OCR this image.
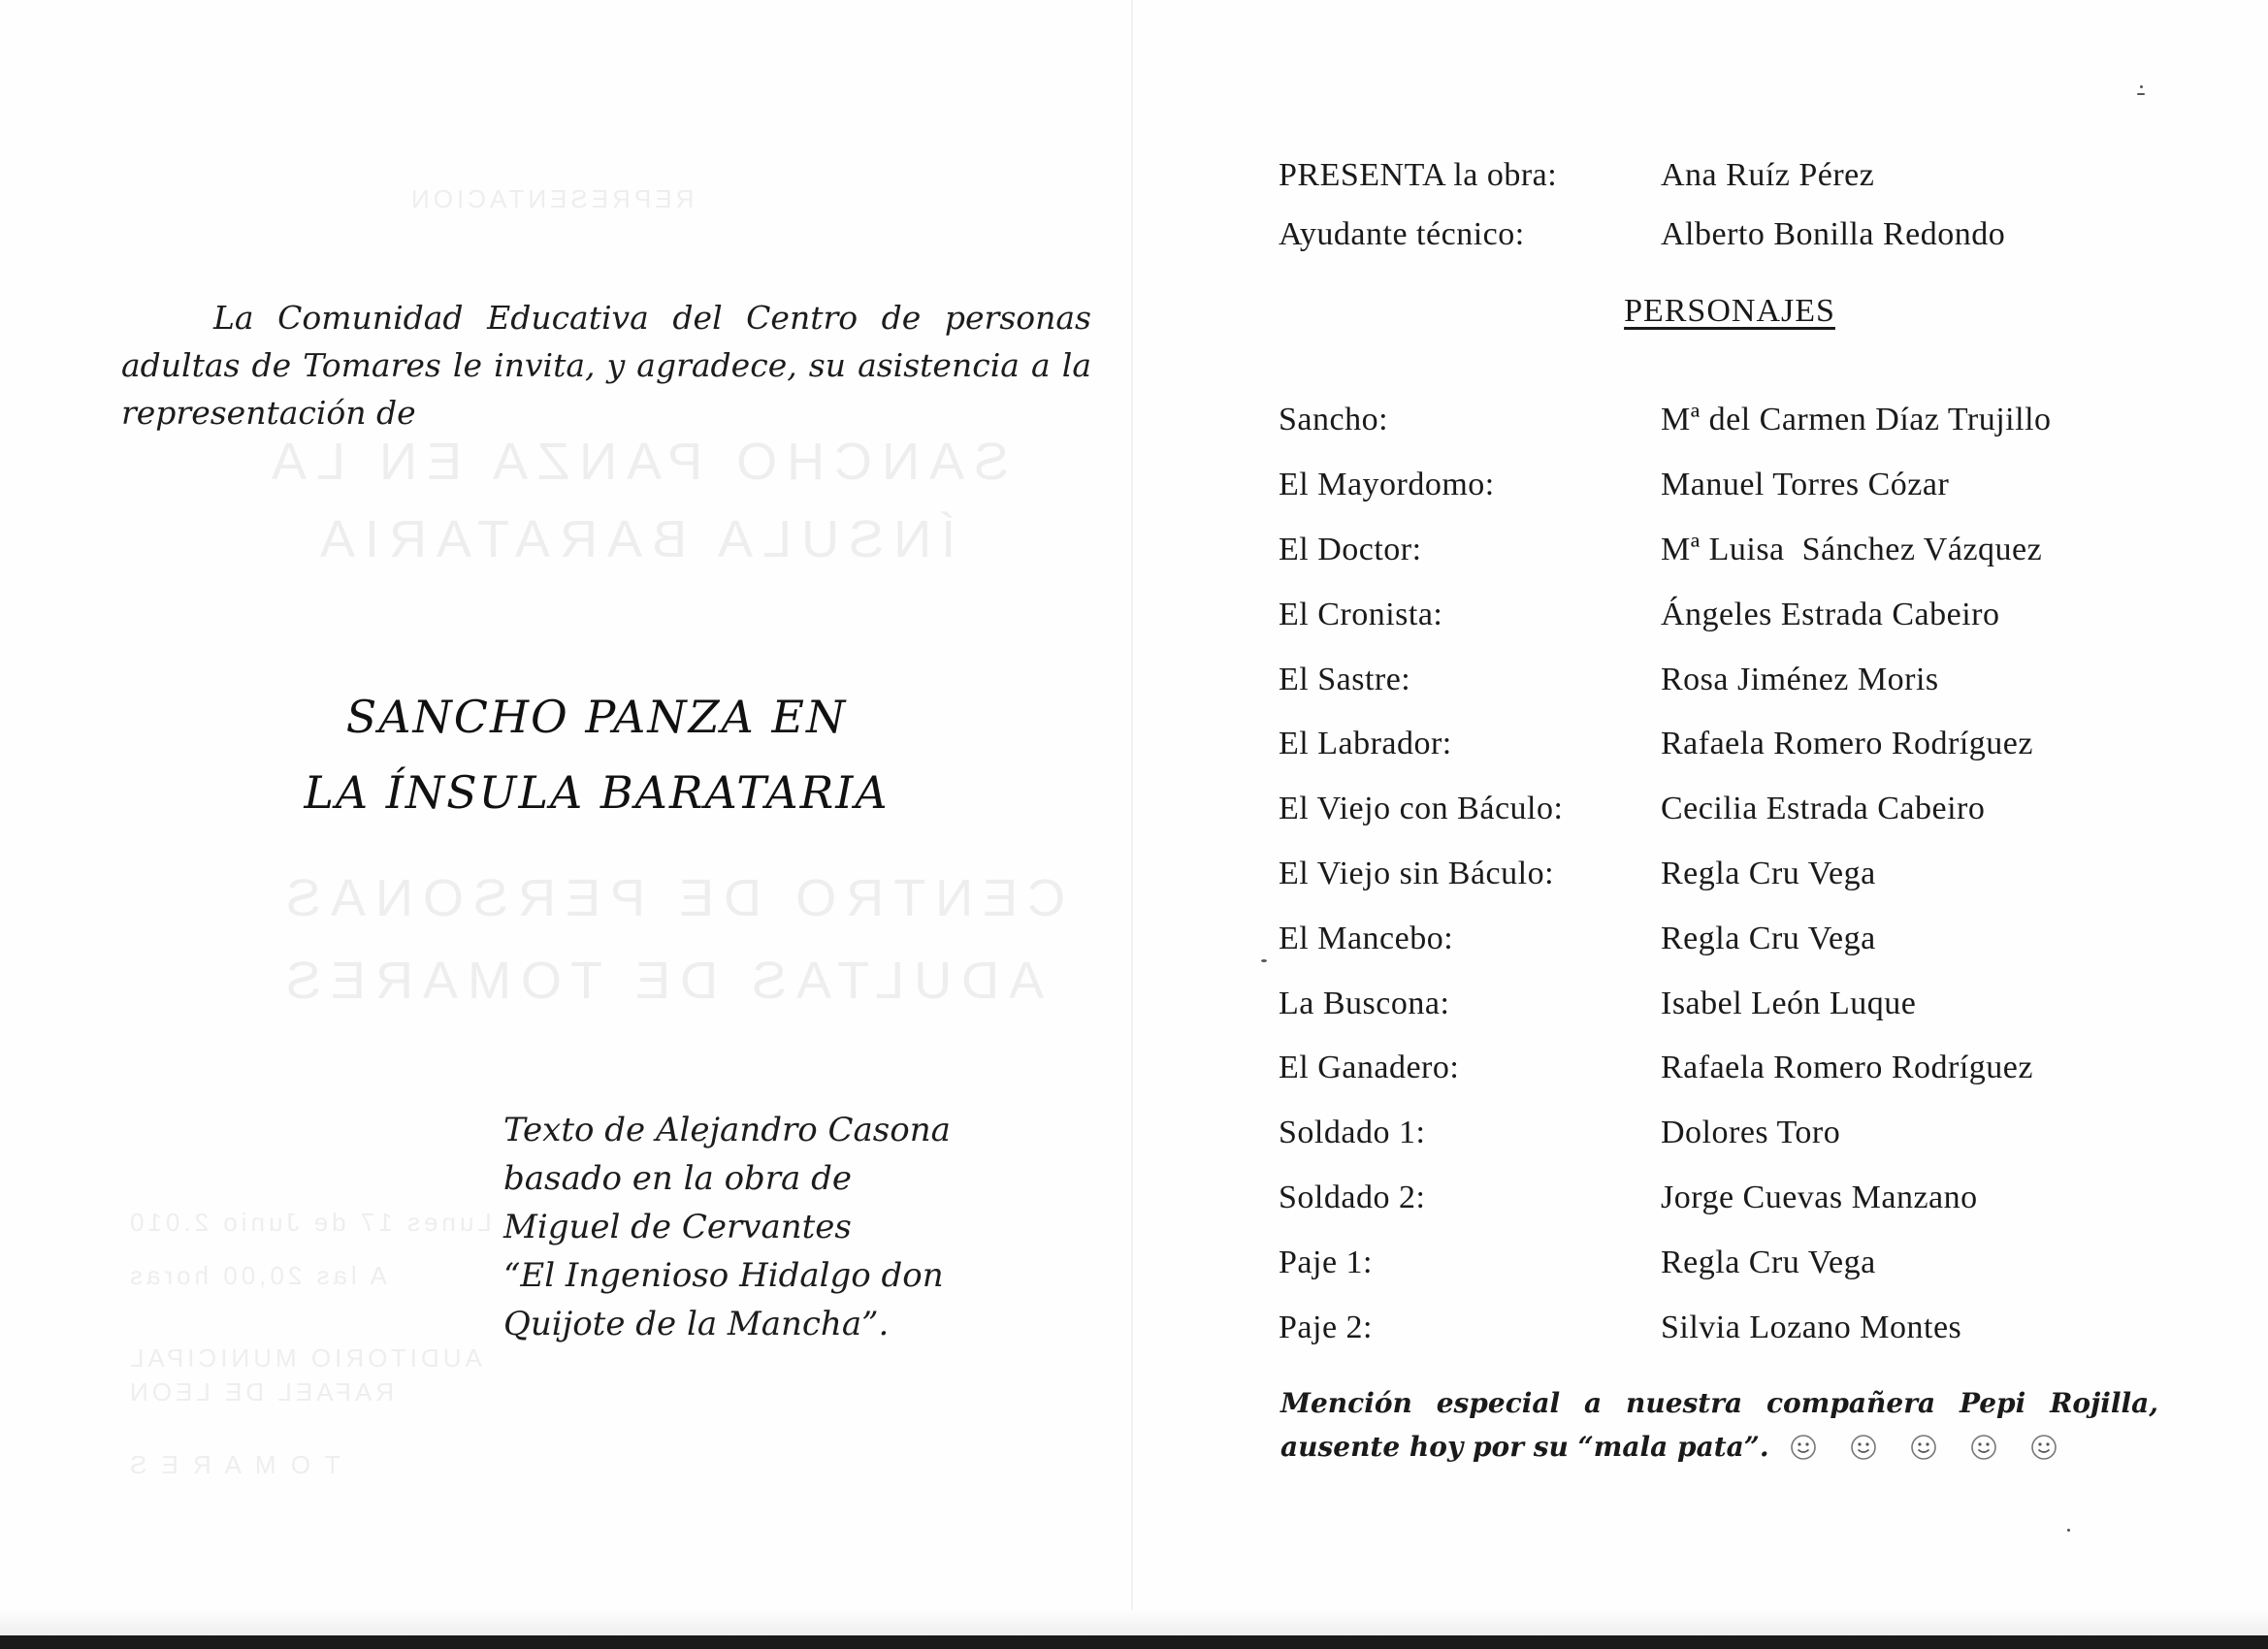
REPRESENTACION
SANCHO PANZA EN LA
ÍNSULA BARATARIA
CENTRO DE PERSONAS
ADULTAS DE TOMARES
Lunes 17 de Junio 2.010
A las 20,00 horas
AUDITORIO MUNICIPAL
RAFAEL DE LEON
T O M A R E S
La Comunidad Educativa del Centro de personas adultas de Tomares le invita, y agradece, su asistencia a la representación de
SANCHO PANZA EN
LA ÍNSULA BARATARIA
Texto de Alejandro Casona
basado en la obra de
Miguel de Cervantes
“El Ingenioso Hidalgo don
Quijote de la Mancha”.
PRESENTA la obra:	Ana Ruíz Pérez
Ayudante técnico:	Alberto Bonilla Redondo
PERSONAJES
Sancho:	Mª del Carmen Díaz Trujillo
El Mayordomo:	Manuel Torres Cózar
El Doctor:	Mª Luisa  Sánchez Vázquez
El Cronista:	Ángeles Estrada Cabeiro
El Sastre:	Rosa Jiménez Moris
El Labrador:	Rafaela Romero Rodríguez
El Viejo con Báculo:	Cecilia Estrada Cabeiro
El Viejo sin Báculo:	Regla Cru Vega
El Mancebo:	Regla Cru Vega
La Buscona:	Isabel León Luque
El Ganadero:	Rafaela Romero Rodríguez
Soldado 1:	Dolores Toro
Soldado 2:	Jorge Cuevas Manzano
Paje 1:	Regla Cru Vega
Paje 2:	Silvia Lozano Montes
Mención especial a nuestra compañera Pepi Rojilla,
ausente hoy por su “mala pata”.
